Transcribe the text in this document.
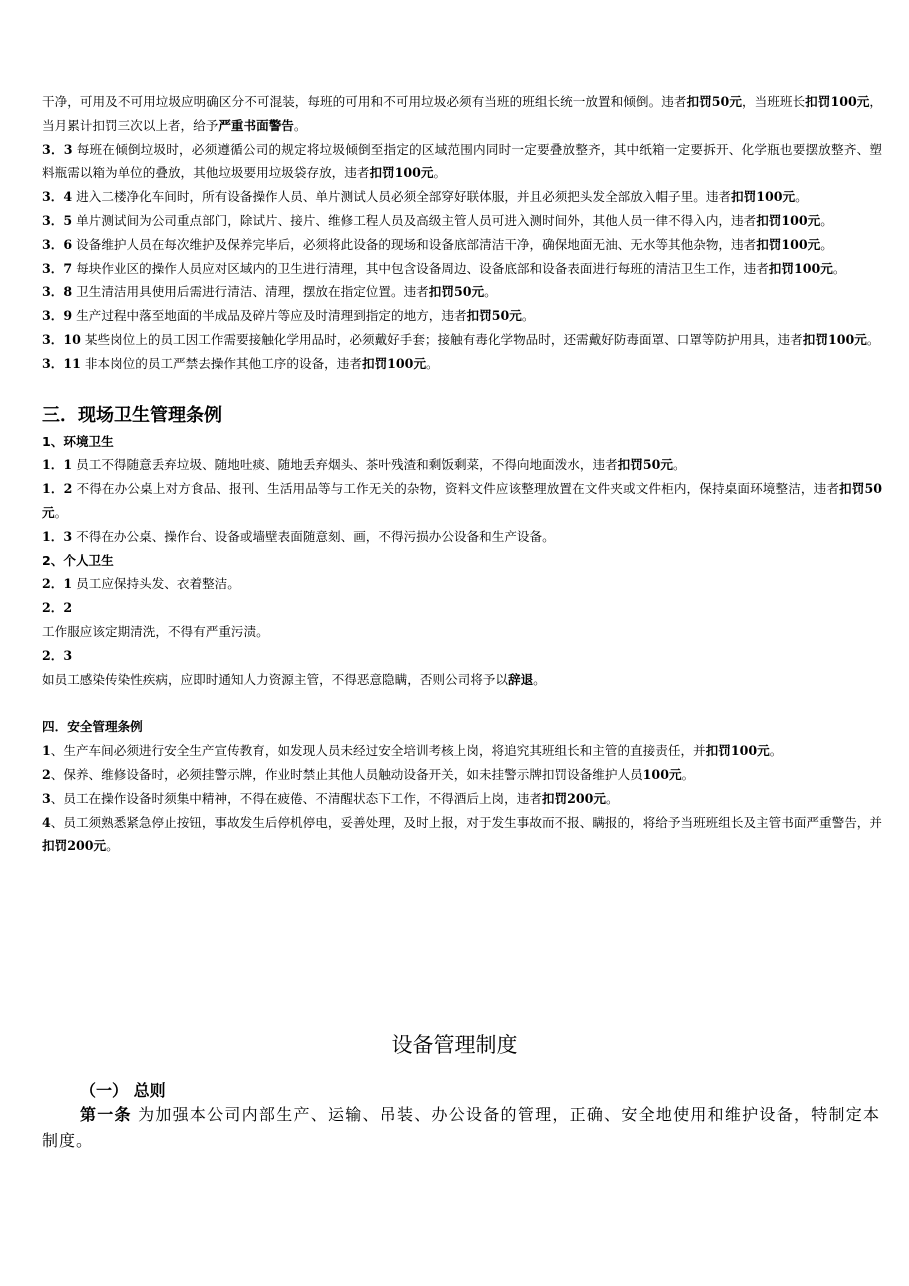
干净，可用及不可用垃圾应明确区分不可混装，每班的可用和不可用垃圾必须有当班的班组长统一放置和倾倒。违者扣罚50元，当班班长扣罚100元，当月累计扣罚三次以上者，给予严重书面警告。

3．3 每班在倾倒垃圾时，必须遵循公司的规定将垃圾倾倒至指定的区域范围内同时一定要叠放整齐，其中纸箱一定要拆开、化学瓶也要摆放整齐、塑料瓶需以箱为单位的叠放，其他垃圾要用垃圾袋存放，违者扣罚100元。

3．4 进入二楼净化车间时，所有设备操作人员、单片测试人员必须全部穿好联体服，并且必须把头发全部放入帽子里。违者扣罚100元。

3．5 单片测试间为公司重点部门，除试片、接片、维修工程人员及高级主管人员可进入测时间外，其他人员一律不得入内，违者扣罚100元。

3．6 设备维护人员在每次维护及保养完毕后，必须将此设备的现场和设备底部清洁干净，确保地面无油、无水等其他杂物，违者扣罚100元。

3．7 每块作业区的操作人员应对区域内的卫生进行清理，其中包含设备周边、设备底部和设备表面进行每班的清洁卫生工作，违者扣罚100元。

3．8 卫生清洁用具使用后需进行清洁、清理，摆放在指定位置。违者扣罚50元。

3．9 生产过程中落至地面的半成品及碎片等应及时清理到指定的地方，违者扣罚50元。

3．10 某些岗位上的员工因工作需要接触化学用品时，必须戴好手套；接触有毒化学物品时，还需戴好防毒面罩、口罩等防护用具，违者扣罚100元。

3．11 非本岗位的员工严禁去操作其他工序的设备，违者扣罚100元。

三．现场卫生管理条例

1、环境卫生

1．1 员工不得随意丢弃垃圾、随地吐痰、随地丢弃烟头、茶叶残渣和剩饭剩菜，不得向地面泼水，违者扣罚50元。

1．2 不得在办公桌上对方食品、报刊、生活用品等与工作无关的杂物，资料文件应该整理放置在文件夹或文件柜内，保持桌面环境整洁，违者扣罚50元。

1．3 不得在办公桌、操作台、设备或墙壁表面随意刻、画，不得污损办公设备和生产设备。

2、个人卫生

2．1 员工应保持头发、衣着整洁。

2．2

工作服应该定期清洗，不得有严重污渍。

2．3

如员工感染传染性疾病，应即时通知人力资源主管，不得恶意隐瞒，否则公司将予以辞退。

四．安全管理条例

1、生产车间必须进行安全生产宣传教育，如发现人员未经过安全培训考核上岗，将追究其班组长和主管的直接责任，并扣罚100元。

2、保养、维修设备时，必须挂警示牌，作业时禁止其他人员触动设备开关，如未挂警示牌扣罚设备维护人员100元。

3、员工在操作设备时须集中精神，不得在疲倦、不清醒状态下工作，不得酒后上岗，违者扣罚200元。

4、员工须熟悉紧急停止按钮，事故发生后停机停电，妥善处理，及时上报，对于发生事故而不报、瞒报的，将给予当班班组长及主管书面严重警告，并扣罚200元。

设备管理制度
（一） 总则
第一条 为加强本公司内部生产、运输、吊装、办公设备的管理，正确、安全地使用和维护设备，特制定本制度。
